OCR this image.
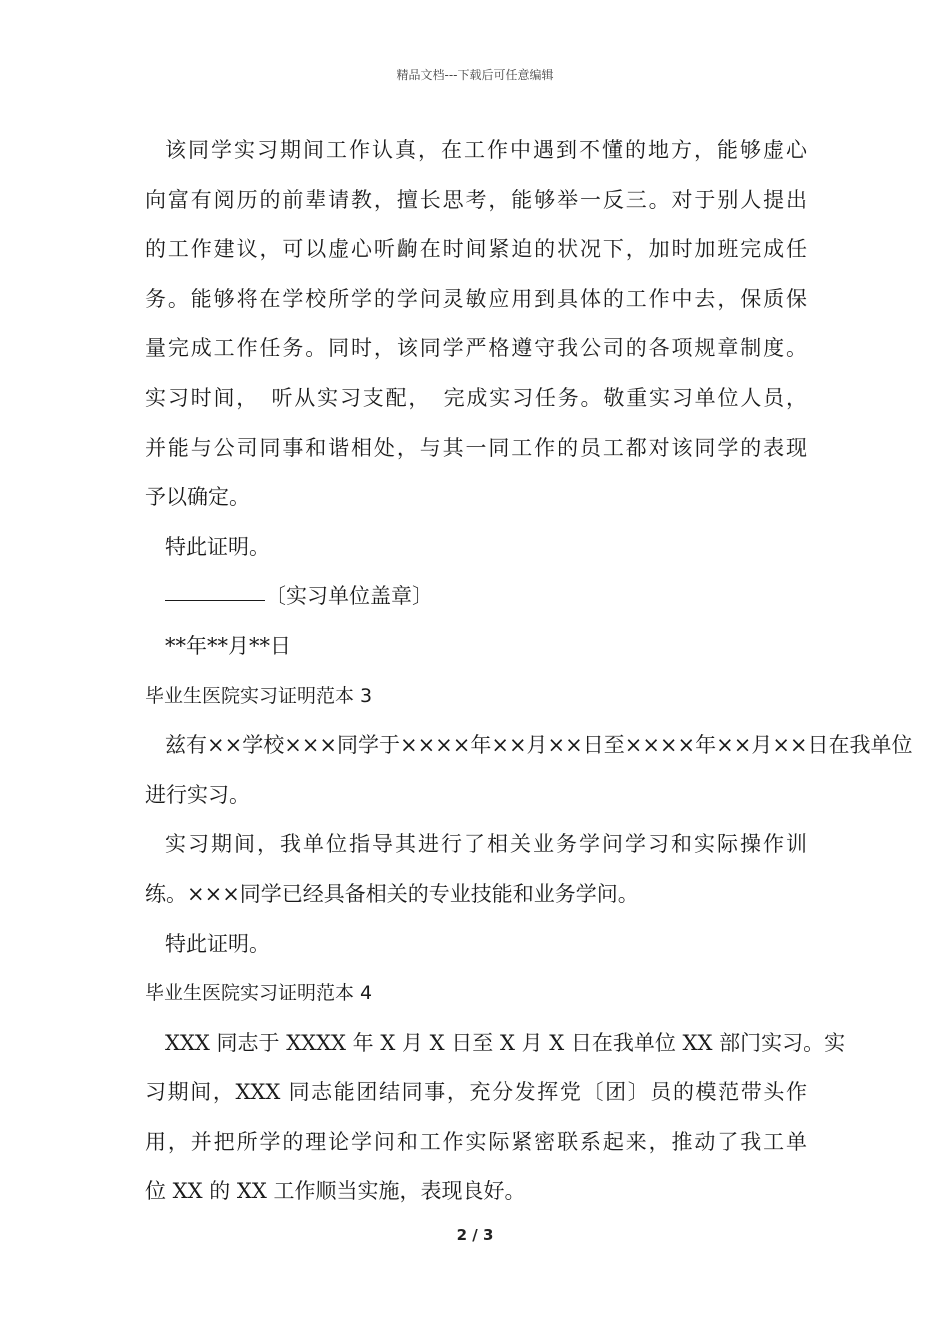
精品文档---下载后可任意编辑
该同学实习期间工作认真，在工作中遇到不懂的地方，能够虚心
向富有阅历的前辈请教，擅长思考，能够举一反三。对于别人提出
的工作建议，可以虚心听齣在时间紧迫的状况下，加时加班完成任
务。能够将在学校所学的学问灵敏应用到具体的工作中去，保质保
量完成工作任务。同时，该同学严格遵守我公司的各项规章制度。
实习时间，　听从实习支配，　完成实习任务。敬重实习单位人员，
并能与公司同事和谐相处，与其一同工作的员工都对该同学的表现
予以确定。
特此证明。
〔实习单位盖章〕
**年**月**日
毕业生医院实习证明范本 3
兹有××学校×××同学于××××年××月××日至××××年××月××日在我单位
进行实习。
实习期间，我单位指导其进行了相关业务学问学习和实际操作训
练。×××同学已经具备相关的专业技能和业务学问。
特此证明。
毕业生医院实习证明范本 4
XXX 同志于 XXXX 年 X 月 X 日至 X 月 X 日在我单位 XX 部门实习。实
习期间，XXX 同志能团结同事，充分发挥党〔团〕员的模范带头作
用，并把所学的理论学问和工作实际紧密联系起来，推动了我工单
位 XX 的 XX 工作顺当实施，表现良好。
2 / 3
